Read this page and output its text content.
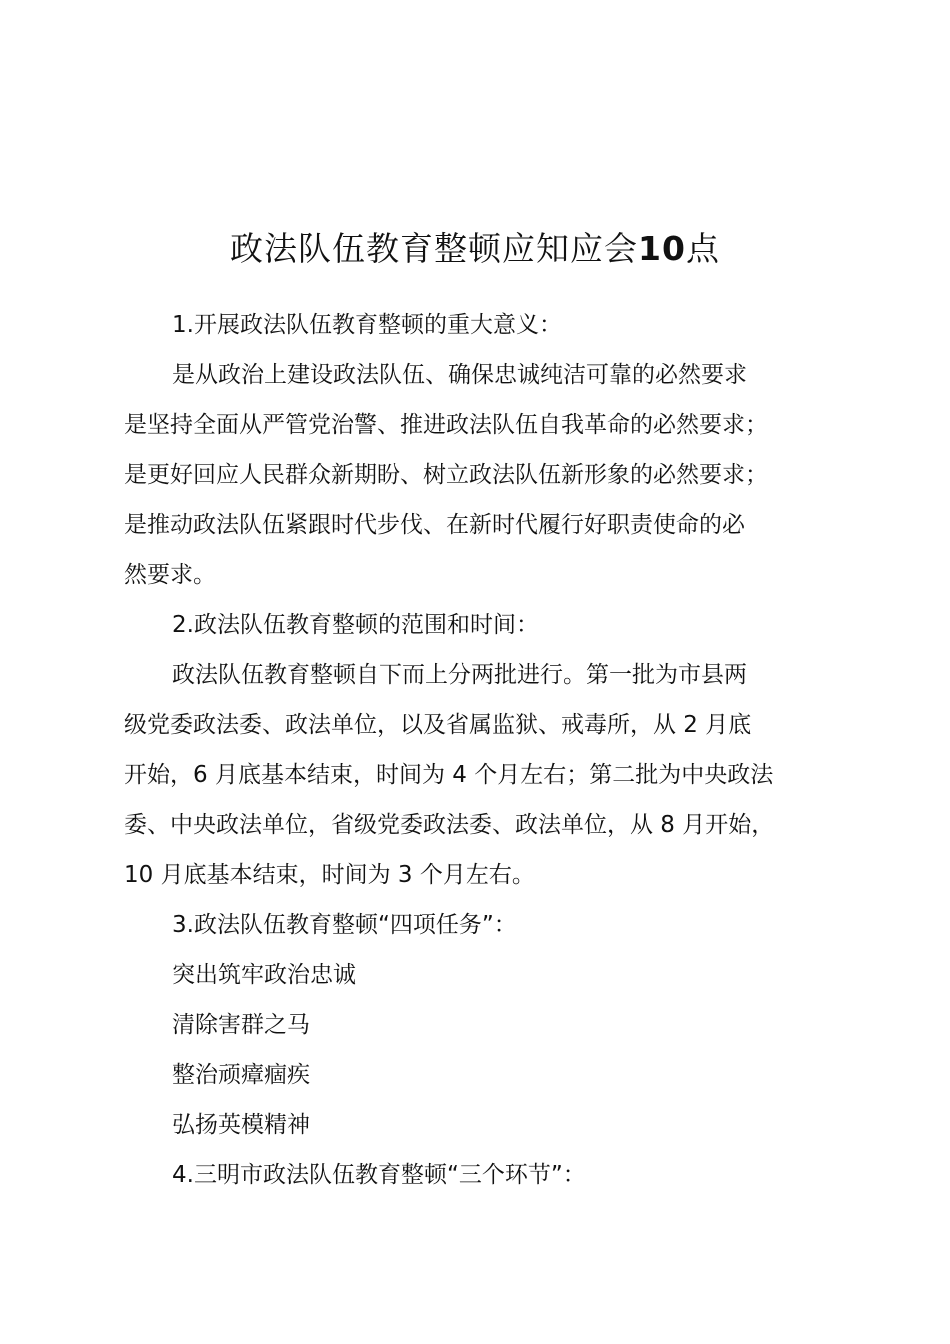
政法队伍教育整顿应知应会10点

1.开展政法队伍教育整顿的重大意义：

是从政治上建设政法队伍、确保忠诚纯洁可靠的必然要求
是坚持全面从严管党治警、推进政法队伍自我革命的必然要求；
是更好回应人民群众新期盼、树立政法队伍新形象的必然要求；
是推动政法队伍紧跟时代步伐、在新时代履行好职责使命的必
然要求。

2.政法队伍教育整顿的范围和时间：

政法队伍教育整顿自下而上分两批进行。第一批为市县两
级党委政法委、政法单位，以及省属监狱、戒毒所，从 2 月底
开始，6 月底基本结束，时间为 4 个月左右；第二批为中央政法
委、中央政法单位，省级党委政法委、政法单位，从 8 月开始，
10 月底基本结束，时间为 3 个月左右。

3.政法队伍教育整顿“四项任务”：

突出筑牢政治忠诚
清除害群之马
整治顽瘴痼疾
弘扬英模精神

4.三明市政法队伍教育整顿“三个环节”：
